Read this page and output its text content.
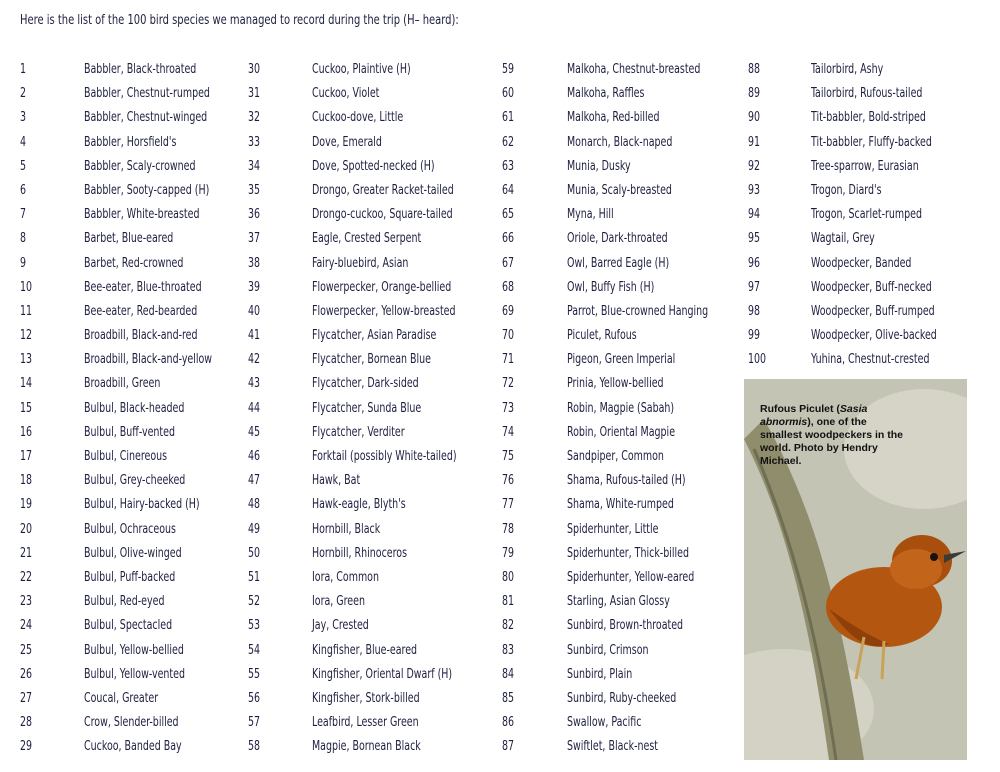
Here is the list of the 100 bird species we managed to record during the trip (H– heard):
1	Babbler, Black-throated
2	Babbler, Chestnut-rumped
3	Babbler, Chestnut-winged
4	Babbler, Horsfield's
5	Babbler, Scaly-crowned
6	Babbler, Sooty-capped (H)
7	Babbler, White-breasted
8	Barbet, Blue-eared
9	Barbet, Red-crowned
10	Bee-eater, Blue-throated
11	Bee-eater, Red-bearded
12	Broadbill, Black-and-red
13	Broadbill, Black-and-yellow
14	Broadbill, Green
15	Bulbul, Black-headed
16	Bulbul, Buff-vented
17	Bulbul, Cinereous
18	Bulbul, Grey-cheeked
19	Bulbul, Hairy-backed (H)
20	Bulbul, Ochraceous
21	Bulbul, Olive-winged
22	Bulbul, Puff-backed
23	Bulbul, Red-eyed
24	Bulbul, Spectacled
25	Bulbul, Yellow-bellied
26	Bulbul, Yellow-vented
27	Coucal, Greater
28	Crow, Slender-billed
29	Cuckoo, Banded Bay
30	Cuckoo, Plaintive (H)
31	Cuckoo, Violet
32	Cuckoo-dove, Little
33	Dove, Emerald
34	Dove, Spotted-necked (H)
35	Drongo, Greater Racket-tailed
36	Drongo-cuckoo, Square-tailed
37	Eagle, Crested Serpent
38	Fairy-bluebird, Asian
39	Flowerpecker, Orange-bellied
40	Flowerpecker, Yellow-breasted
41	Flycatcher, Asian Paradise
42	Flycatcher, Bornean Blue
43	Flycatcher, Dark-sided
44	Flycatcher, Sunda Blue
45	Flycatcher, Verditer
46	Forktail (possibly White-tailed)
47	Hawk, Bat
48	Hawk-eagle, Blyth's
49	Hornbill, Black
50	Hornbill, Rhinoceros
51	Iora, Common
52	Iora, Green
53	Jay, Crested
54	Kingfisher, Blue-eared
55	Kingfisher, Oriental Dwarf (H)
56	Kingfisher, Stork-billed
57	Leafbird, Lesser Green
58	Magpie, Bornean Black
59	Malkoha, Chestnut-breasted
60	Malkoha, Raffles
61	Malkoha, Red-billed
62	Monarch, Black-naped
63	Munia, Dusky
64	Munia, Scaly-breasted
65	Myna, Hill
66	Oriole, Dark-throated
67	Owl, Barred Eagle (H)
68	Owl, Buffy Fish (H)
69	Parrot, Blue-crowned Hanging
70	Piculet, Rufous
71	Pigeon, Green Imperial
72	Prinia, Yellow-bellied
73	Robin, Magpie (Sabah)
74	Robin, Oriental Magpie
75	Sandpiper, Common
76	Shama, Rufous-tailed (H)
77	Shama, White-rumped
78	Spiderhunter, Little
79	Spiderhunter, Thick-billed
80	Spiderhunter, Yellow-eared
81	Starling, Asian Glossy
82	Sunbird, Brown-throated
83	Sunbird, Crimson
84	Sunbird, Plain
85	Sunbird, Ruby-cheeked
86	Swallow, Pacific
87	Swiftlet, Black-nest
88	Tailorbird, Ashy
89	Tailorbird, Rufous-tailed
90	Tit-babbler, Bold-striped
91	Tit-babbler, Fluffy-backed
92	Tree-sparrow, Eurasian
93	Trogon, Diard's
94	Trogon, Scarlet-rumped
95	Wagtail, Grey
96	Woodpecker, Banded
97	Woodpecker, Buff-necked
98	Woodpecker, Buff-rumped
99	Woodpecker, Olive-backed
100	Yuhina, Chestnut-crested
Rufous Piculet (Sasia abnormis), one of the smallest woodpeckers in the world. Photo by Hendry Michael.
